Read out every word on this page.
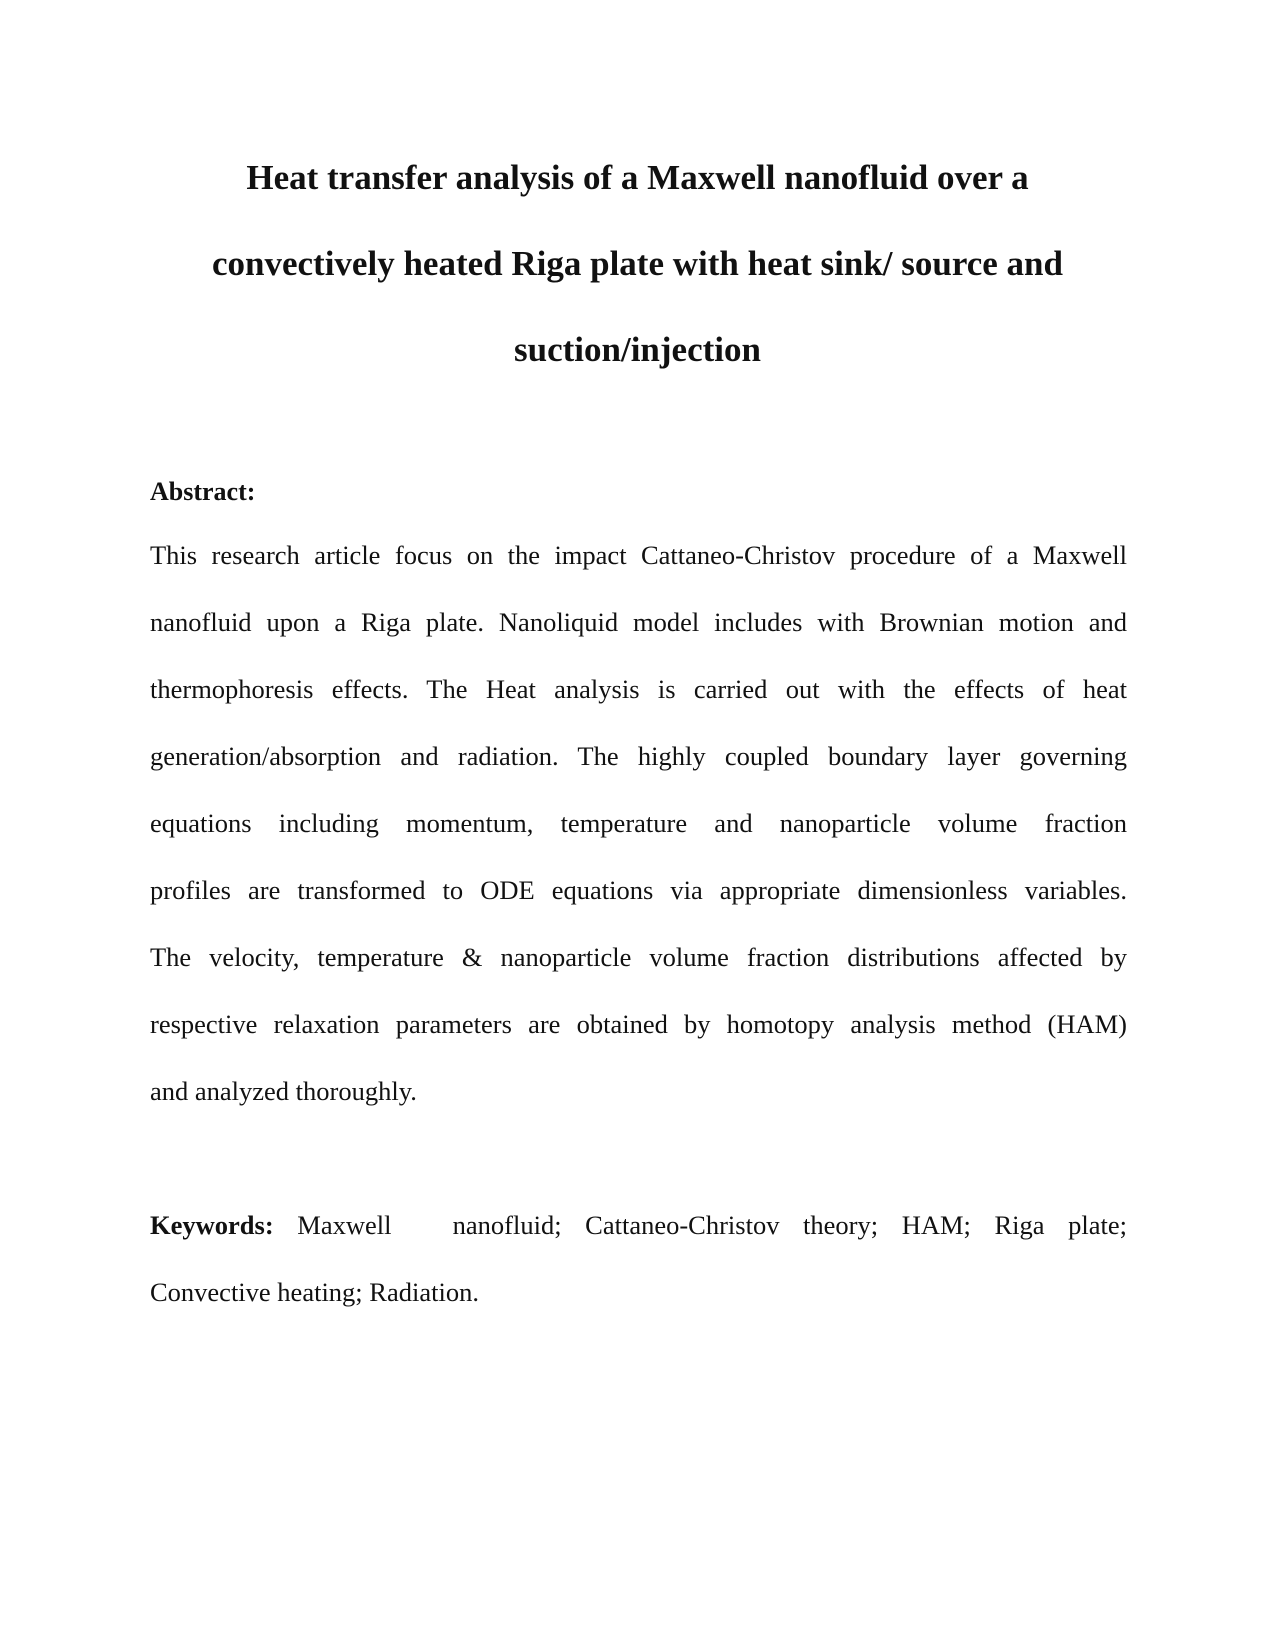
Heat transfer analysis of a Maxwell nanofluid over a
convectively heated Riga plate with heat sink/ source and
suction/injection
Abstract:
This research article focus on the impact Cattaneo-Christov procedure of a Maxwell
nanofluid upon a Riga plate. Nanoliquid model includes with Brownian motion and
thermophoresis effects. The Heat analysis is carried out with the effects of heat
generation/absorption and radiation. The highly coupled boundary layer governing
equations including momentum, temperature and nanoparticle volume fraction
profiles are transformed to ODE equations via appropriate dimensionless variables.
The velocity, temperature & nanoparticle volume fraction distributions affected by
respective relaxation parameters are obtained by homotopy analysis method (HAM)
and analyzed thoroughly.
Keywords: Maxwell nanofluid; Cattaneo-Christov theory; HAM; Riga plate;
Convective heating; Radiation.
